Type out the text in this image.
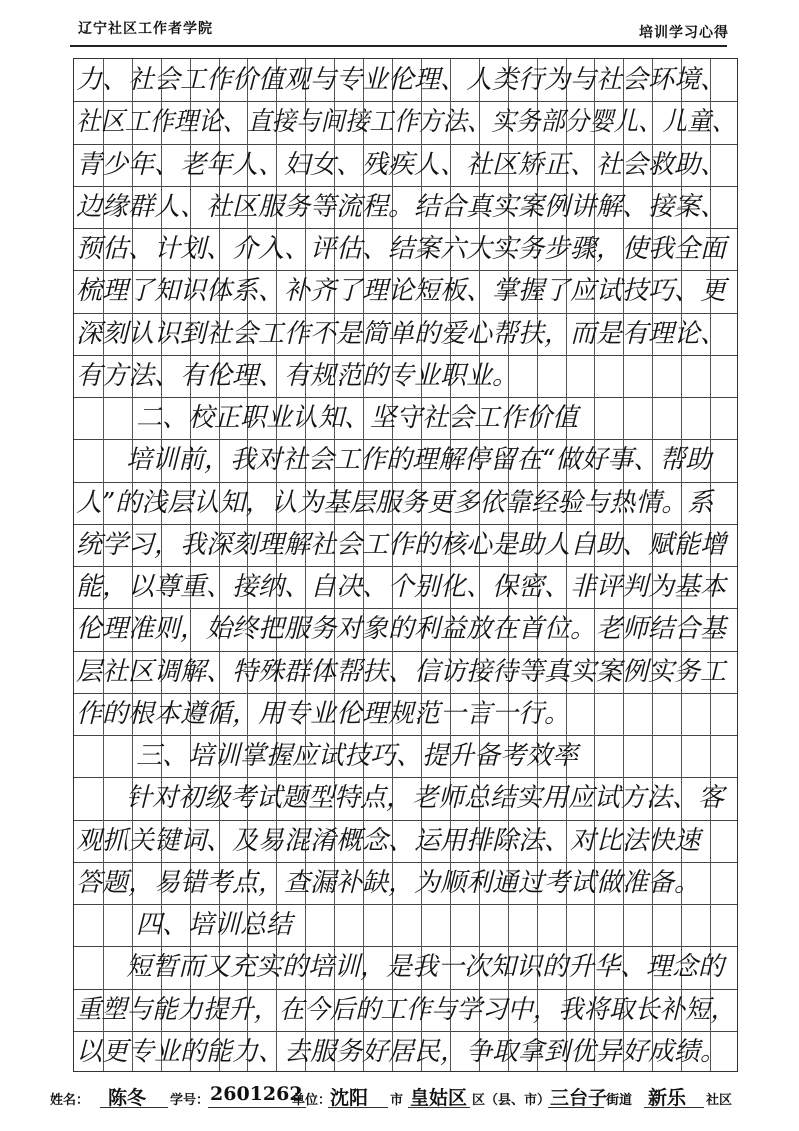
辽宁社区工作者学院	培训学习心得
力、社会工作价值观与专业伦理、人类行为与社会环境、
社区工作理论、直接与间接工作方法、实务部分婴儿、儿童、
青少年、老年人、妇女、残疾人、社区矫正、社会救助、
边缘群人、社区服务等流程。结合真实案例讲解、接案、
预估、计划、介入、评估、结案六大实务步骤，使我全面
梳理了知识体系、补齐了理论短板、掌握了应试技巧、更
深刻认识到社会工作不是简单的爱心帮扶，而是有理论、
有方法、有伦理、有规范的专业职业。
二、校正职业认知、坚守社会工作价值
培训前，我对社会工作的理解停留在“做好事、帮助
人”的浅层认知，认为基层服务更多依靠经验与热情。系
统学习，我深刻理解社会工作的核心是助人自助、赋能增
能，以尊重、接纳、自决、个别化、保密、非评判为基本
伦理准则，始终把服务对象的利益放在首位。老师结合基
层社区调解、特殊群体帮扶、信访接待等真实案例实务工
作的根本遵循，用专业伦理规范一言一行。
三、培训掌握应试技巧、提升备考效率
针对初级考试题型特点，老师总结实用应试方法、客
观抓关键词、及易混淆概念、运用排除法、对比法快速
答题，易错考点，查漏补缺，为顺利通过考试做准备。
四、培训总结
短暂而又充实的培训，是我一次知识的升华、理念的
重塑与能力提升，在今后的工作与学习中，我将取长补短，
以更专业的能力、去服务好居民，争取拿到优异好成绩。
姓名： 陈冬 学号： 2601262
单位：
沈阳 市 皇姑区 区（县、市） 三台子
街道 新乐 社区
